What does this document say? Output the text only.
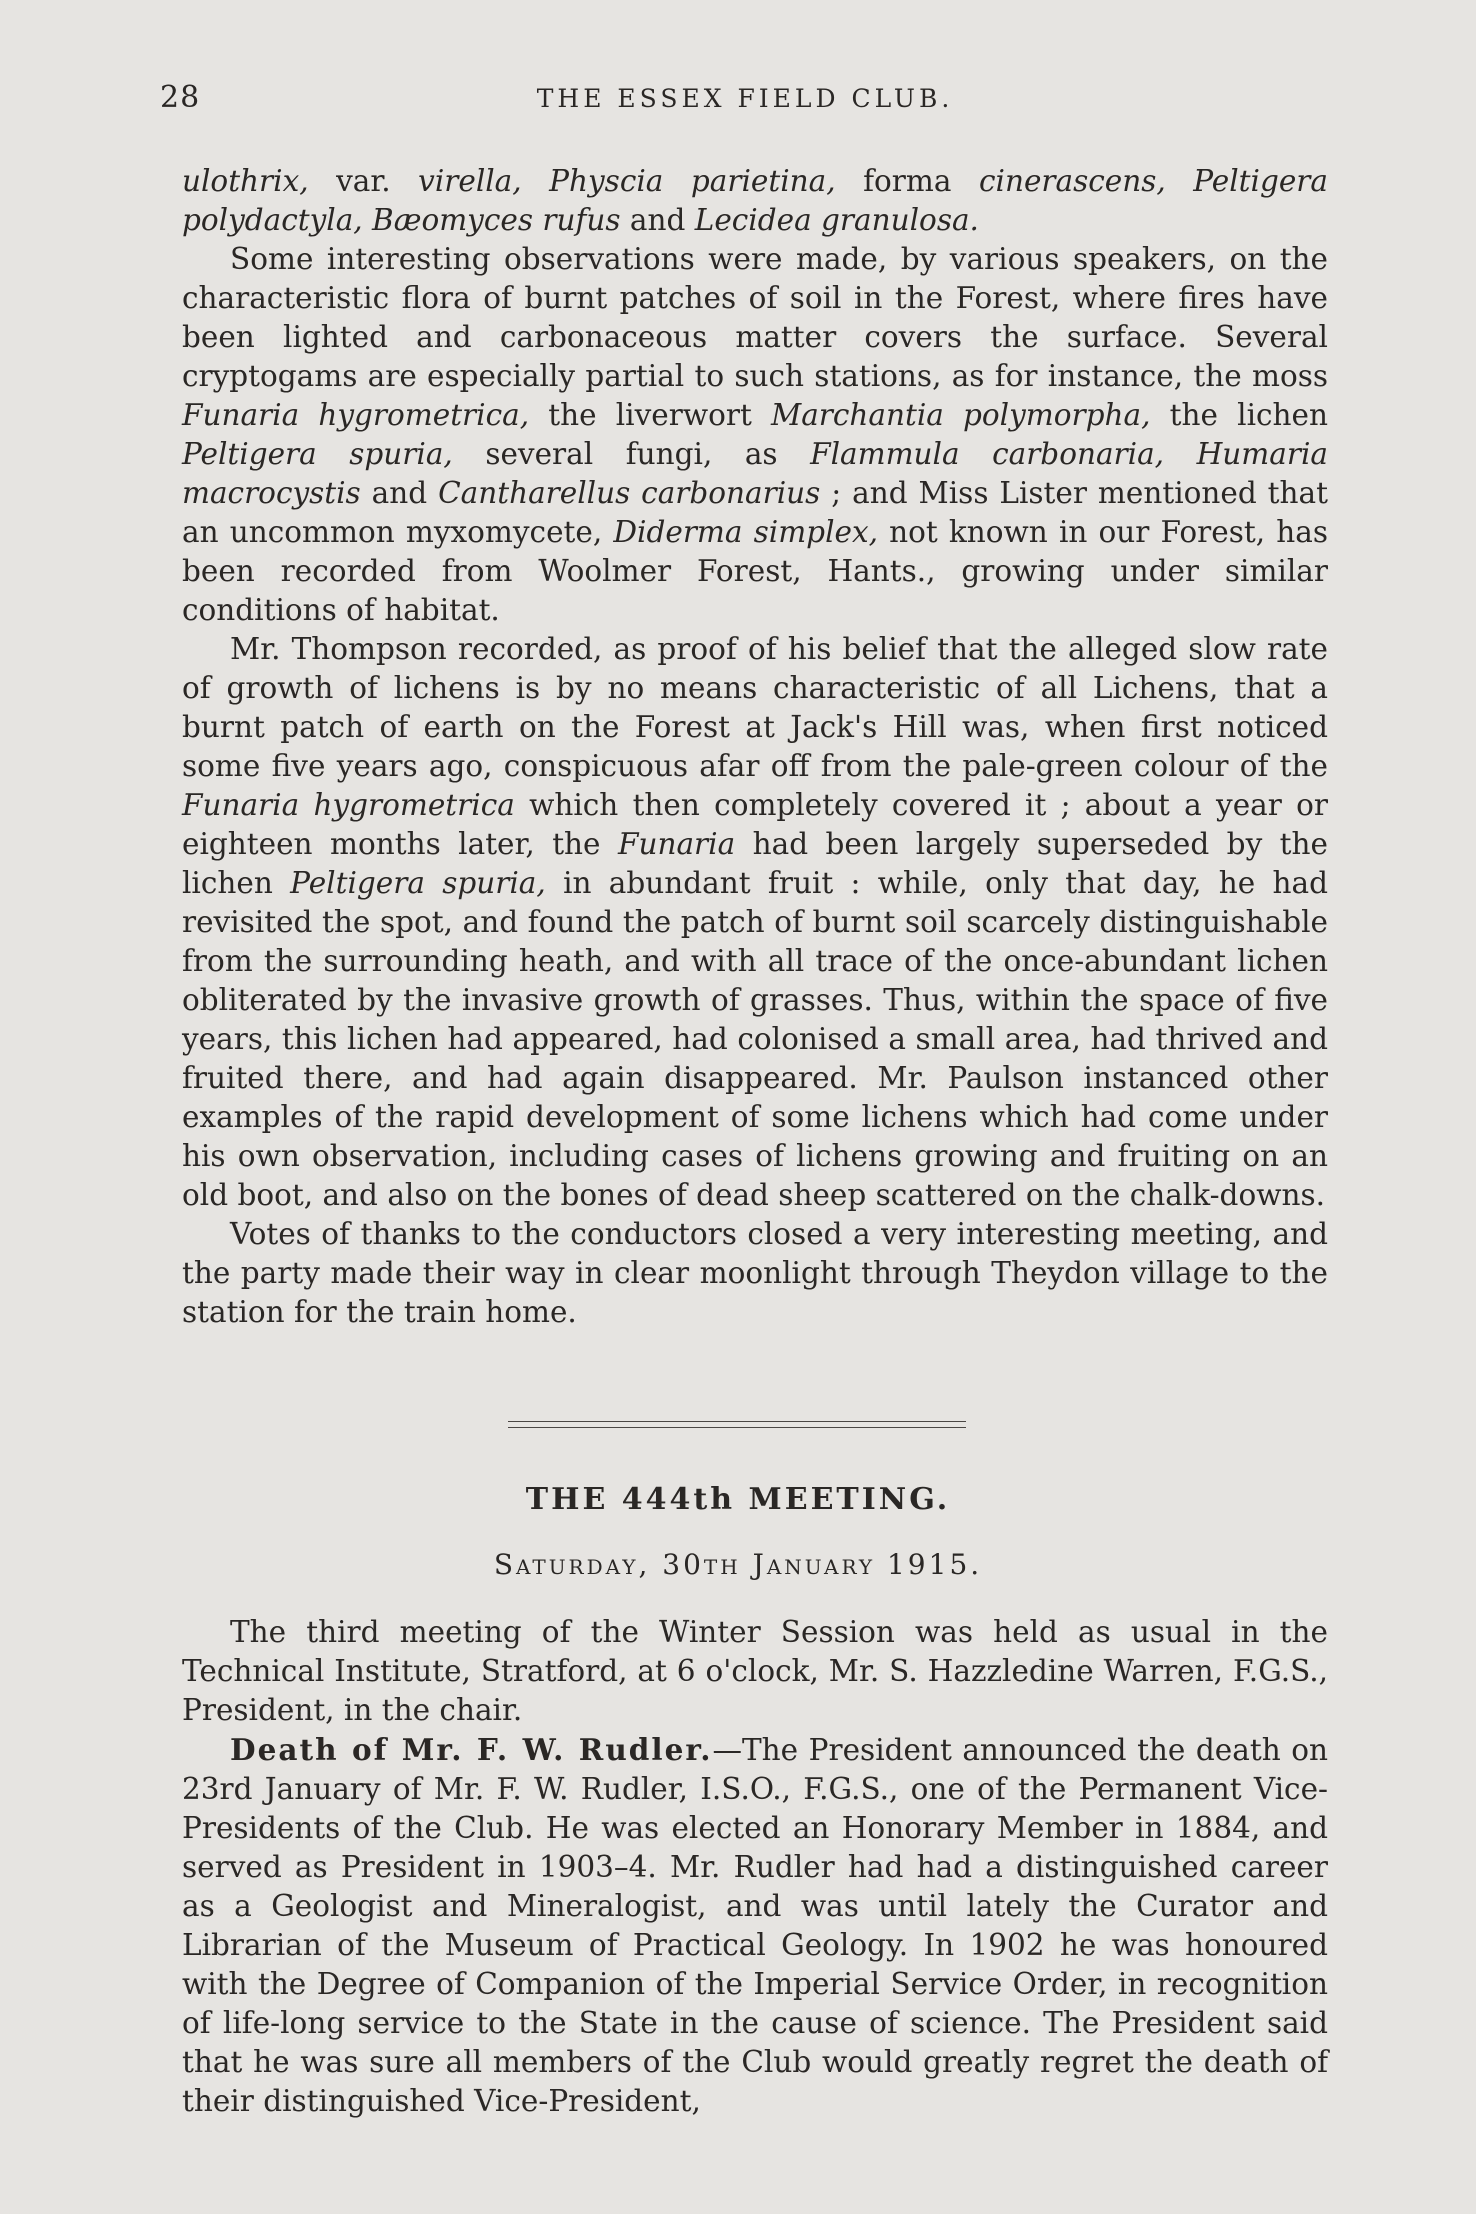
28	THE ESSEX FIELD CLUB.

ulothrix, var. virella, Physcia parietina, forma cinerascens, Peltigera polydactyla, Bæomyces rufus and Lecidea granulosa.

Some interesting observations were made, by various speakers, on the characteristic flora of burnt patches of soil in the Forest, where fires have been lighted and carbonaceous matter covers the surface. Several cryptogams are especially partial to such stations, as for instance, the moss Funaria hygrometrica, the liverwort Marchantia polymorpha, the lichen Peltigera spuria, several fungi, as Flammula carbonaria, Humaria macrocystis and Cantharellus carbonarius ; and Miss Lister mentioned that an uncommon myxomycete, Diderma simplex, not known in our Forest, has been recorded from Woolmer Forest, Hants., growing under similar conditions of habitat.

Mr. Thompson recorded, as proof of his belief that the alleged slow rate of growth of lichens is by no means characteristic of all Lichens, that a burnt patch of earth on the Forest at Jack's Hill was, when first noticed some five years ago, conspicuous afar off from the pale-green colour of the Funaria hygrometrica which then completely covered it ; about a year or eighteen months later, the Funaria had been largely superseded by the lichen Peltigera spuria, in abundant fruit : while, only that day, he had revisited the spot, and found the patch of burnt soil scarcely distinguishable from the surrounding heath, and with all trace of the once-abundant lichen obliterated by the invasive growth of grasses. Thus, within the space of five years, this lichen had appeared, had colonised a small area, had thrived and fruited there, and had again disappeared. Mr. Paulson instanced other examples of the rapid development of some lichens which had come under his own observation, including cases of lichens growing and fruiting on an old boot, and also on the bones of dead sheep scattered on the chalk-downs.

Votes of thanks to the conductors closed a very interesting meeting, and the party made their way in clear moonlight through Theydon village to the station for the train home.

THE 444th MEETING.
Saturday, 30th January 1915.

The third meeting of the Winter Session was held as usual in the Technical Institute, Stratford, at 6 o'clock, Mr. S. Hazzledine Warren, F.G.S., President, in the chair.

Death of Mr. F. W. Rudler.—The President announced the death on 23rd January of Mr. F. W. Rudler, I.S.O., F.G.S., one of the Permanent Vice-Presidents of the Club. He was elected an Honorary Member in 1884, and served as President in 1903–4. Mr. Rudler had had a distinguished career as a Geologist and Mineralogist, and was until lately the Curator and Librarian of the Museum of Practical Geology. In 1902 he was honoured with the Degree of Companion of the Imperial Service Order, in recognition of life-long service to the State in the cause of science. The President said that he was sure all members of the Club would greatly regret the death of their distinguished Vice-President,
